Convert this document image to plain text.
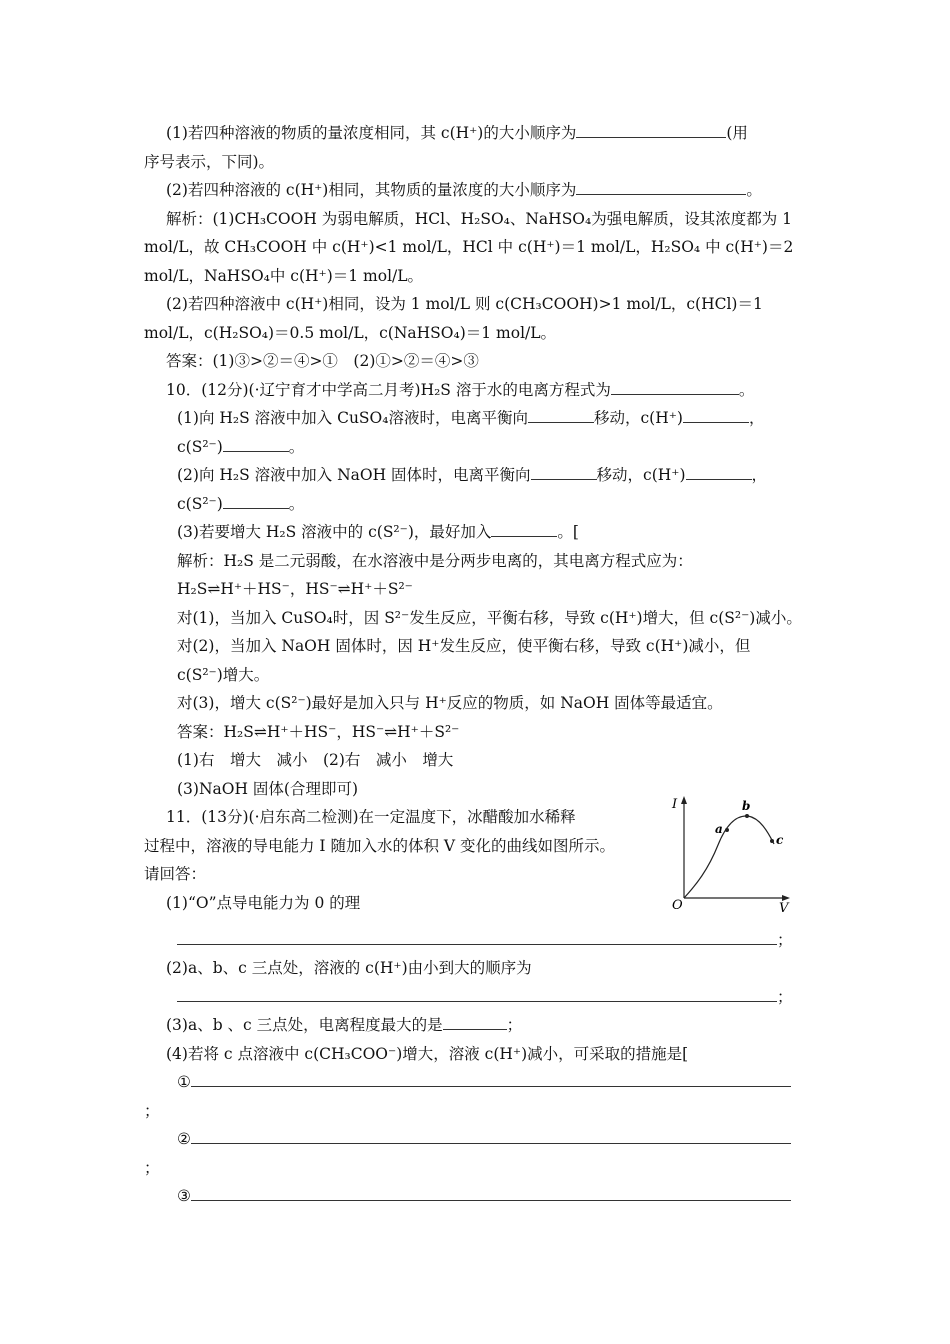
(1)若四种溶液的物质的量浓度相同，其 c(H⁺)的大小顺序为	(用
序号表示，下同)。
(2)若四种溶液的 c(H⁺)相同，其物质的量浓度的大小顺序为	。
解析：(1)CH₃COOH 为弱电解质，HCl、H₂SO₄、NaHSO₄为强电解质，设其浓度都为 1
mol/L，故 CH₃COOH 中 c(H⁺)<1 mol/L，HCl 中 c(H⁺)＝1 mol/L，H₂SO₄ 中 c(H⁺)＝2
mol/L，NaHSO₄中 c(H⁺)＝1 mol/L。
(2)若四种溶液中 c(H⁺)相同，设为 1 mol/L 则 c(CH₃COOH)>1 mol/L，c(HCl)＝1
mol/L，c(H₂SO₄)＝0.5 mol/L，c(NaHSO₄)＝1 mol/L。
答案：(1)③>②＝④>①　(2)①>②＝④>③
10．(12分)(·辽宁育才中学高二月考)H₂S 溶于水的电离方程式为	。
(1)向 H₂S 溶液中加入 CuSO₄溶液时，电离平衡向	移动，c(H⁺)	，
c(S²⁻)	。
(2)向 H₂S 溶液中加入 NaOH 固体时，电离平衡向	移动，c(H⁺)	，
c(S²⁻)	。
(3)若要增大 H₂S 溶液中的 c(S²⁻)，最好加入	。[
解析：H₂S 是二元弱酸，在水溶液中是分两步电离的，其电离方程式应为：
H₂S⇌H⁺＋HS⁻，HS⁻⇌H⁺＋S²⁻
对(1)，当加入 CuSO₄时，因 S²⁻发生反应，平衡右移，导致 c(H⁺)增大，但 c(S²⁻)减小。
对(2)，当加入 NaOH 固体时，因 H⁺发生反应，使平衡右移，导致 c(H⁺)减小，但
c(S²⁻)增大。
对(3)，增大 c(S²⁻)最好是加入只与 H⁺反应的物质，如 NaOH 固体等最适宜。
答案：H₂S⇌H⁺＋HS⁻，HS⁻⇌H⁺＋S²⁻
(1)右　增大　减小　(2)右　减小　增大
(3)NaOH 固体(合理即可)
11．(13分)(·启东高二检测)在一定温度下，冰醋酸加水稀释
过程中，溶液的导电能力 I 随加入水的体积 V 变化的曲线如图所示。
请回答：
(1)“O”点导电能力为 0 的理
；
(2)a、b、c 三点处，溶液的 c(H⁺)由小到大的顺序为
；
(3)a、b 、c 三点处，电离程度最大的是	；
(4)若将 c 点溶液中 c(CH₃COO⁻)增大，溶液 c(H⁺)减小，可采取的措施是[
①
；
②
；
③
I
V
O
a
b
c
